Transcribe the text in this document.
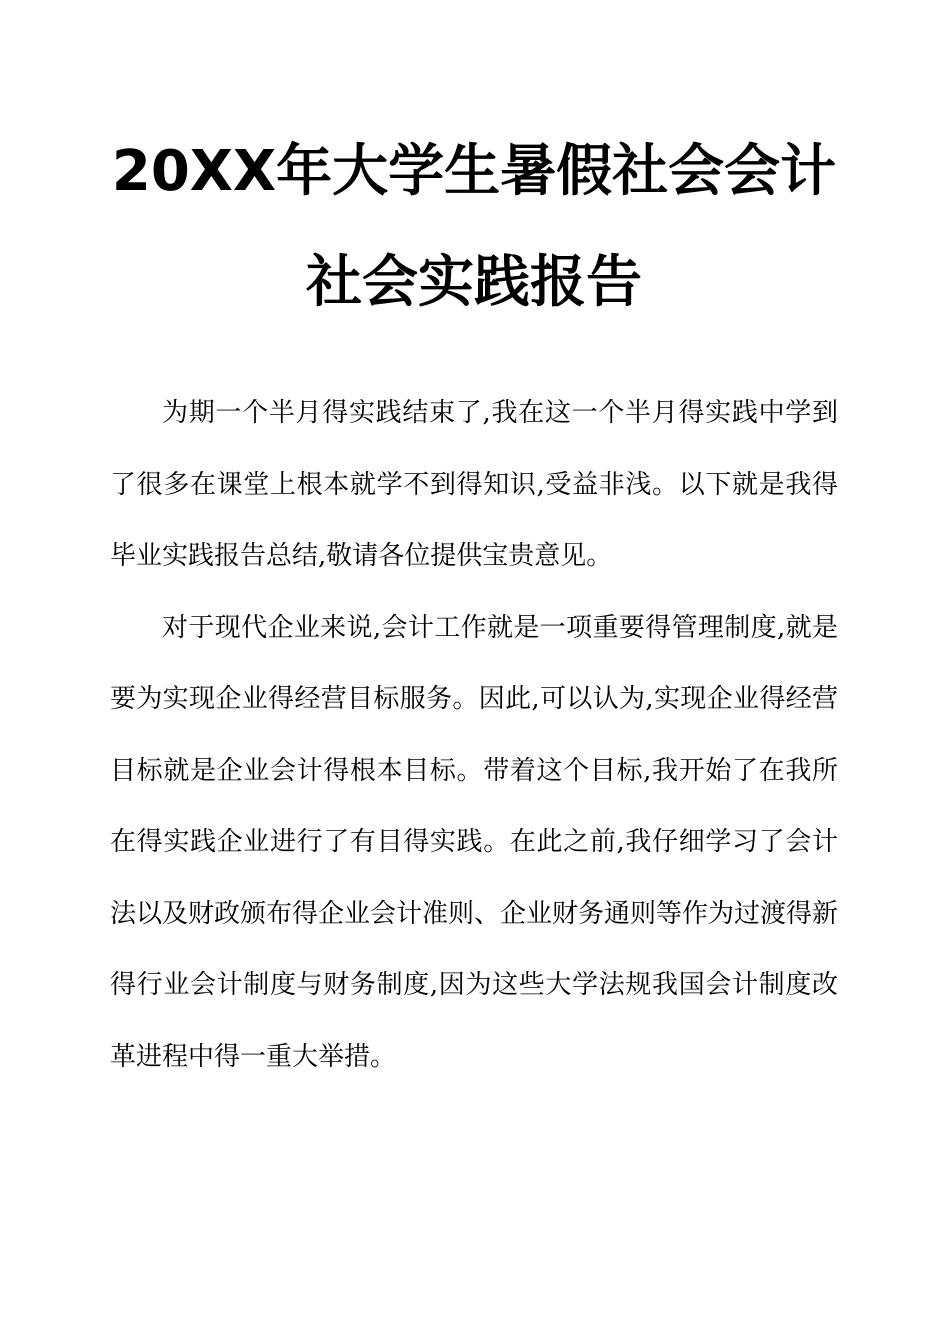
20XX年大学生暑假社会会计
社会实践报告

为期一个半月得实践结束了,我在这一个半月得实践中学到了很多在课堂上根本就学不到得知识,受益非浅。以下就是我得毕业实践报告总结,敬请各位提供宝贵意见。

对于现代企业来说,会计工作就是一项重要得管理制度,就是要为实现企业得经营目标服务。因此,可以认为,实现企业得经营目标就是企业会计得根本目标。带着这个目标,我开始了在我所在得实践企业进行了有目得实践。在此之前,我仔细学习了会计法以及财政颁布得企业会计准则、企业财务通则等作为过渡得新得行业会计制度与财务制度,因为这些大学法规我国会计制度改革进程中得一重大举措。
